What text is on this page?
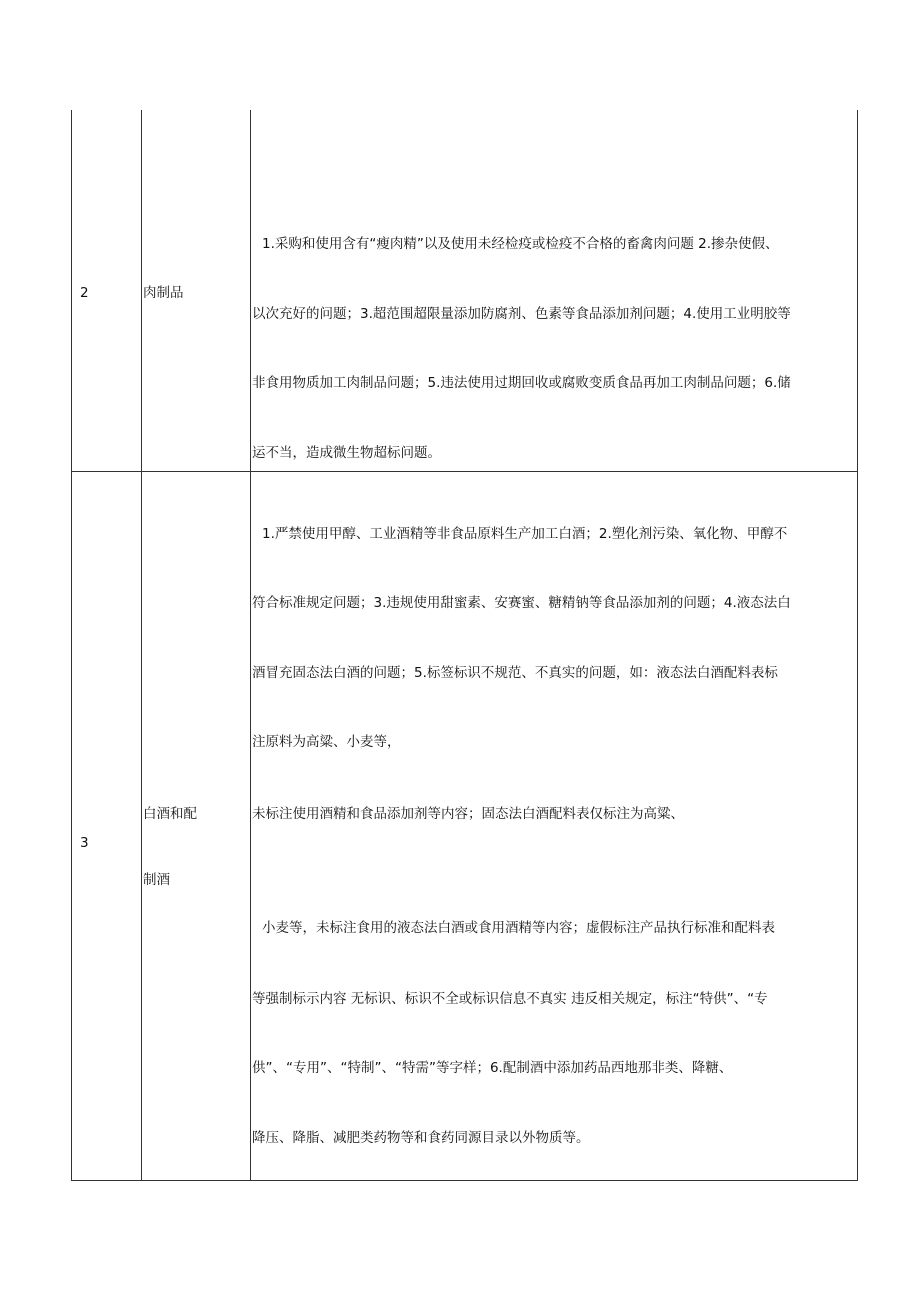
2	肉制品
1.采购和使用含有“瘦肉精”以及使用未经检疫或检疫不合格的畜禽肉问题 2.掺杂使假、
以次充好的问题；3.超范围超限量添加防腐剂、色素等食品添加剂问题；4.使用工业明胶等
非食用物质加工肉制品问题；5.违法使用过期回收或腐败变质食品再加工肉制品问题；6.储
运不当，造成微生物超标问题。
3
白酒和配
制酒
1.严禁使用甲醇、工业酒精等非食品原料生产加工白酒；2.塑化剂污染、氧化物、甲醇不
符合标准规定问题；3.违规使用甜蜜素、安赛蜜、糖精钠等食品添加剂的问题；4.液态法白
酒冒充固态法白酒的问题；5.标签标识不规范、不真实的问题，如：液态法白酒配料表标
注原料为高粱、小麦等，
未标注使用酒精和食品添加剂等内容；固态法白酒配料表仅标注为高粱、
小麦等，未标注食用的液态法白酒或食用酒精等内容；虚假标注产品执行标准和配料表
等强制标示内容 无标识、标识不全或标识信息不真实 违反相关规定，标注“特供”、“专
供”、“专用”、“特制”、“特需”等字样；6.配制酒中添加药品西地那非类、降糖、
降压、降脂、减肥类药物等和食药同源目录以外物质等。
